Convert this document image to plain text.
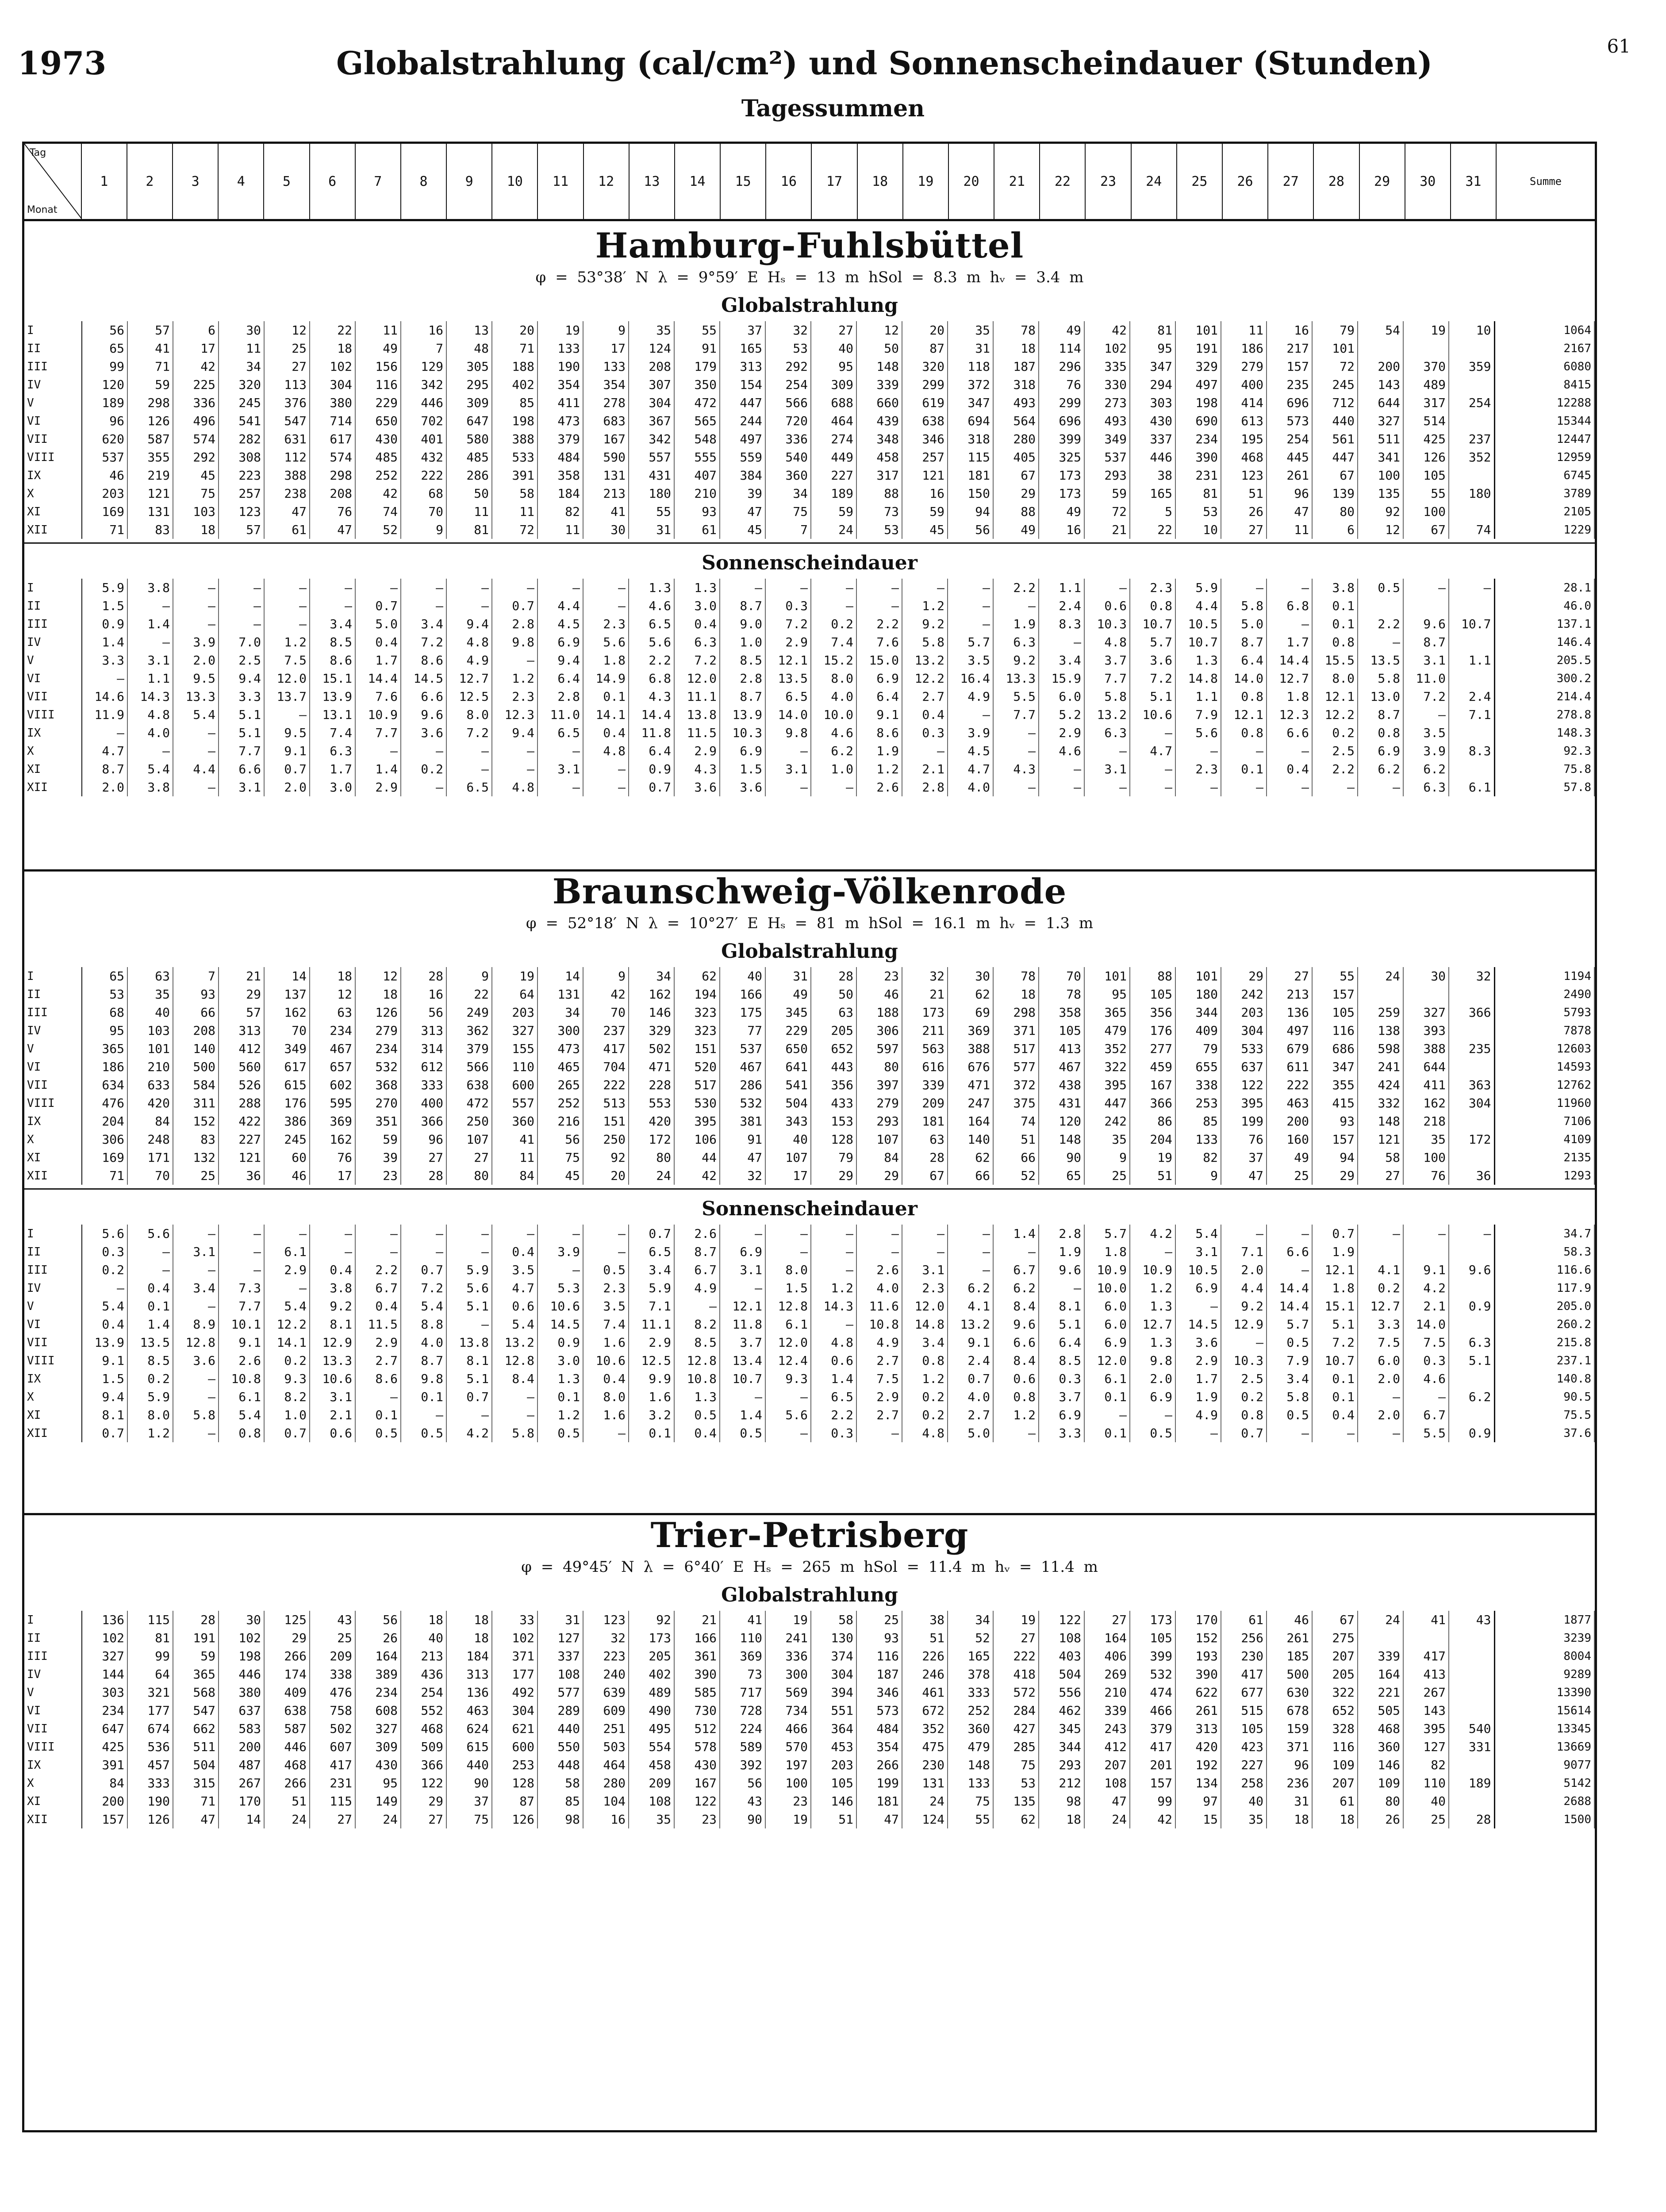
1973	Globalstrahlung (cal/cm²) und Sonnenscheindauer (Stunden)	61
Tagessummen
Tag
Monat
1	2	3	4	5	6	7	8	9	10	11	12	13	14	15	16	17	18	19	20	21	22	23	24	25	26	27	28	29	30	31	Summe
Hamburg-Fuhlsbüttel
φ = 53°38′ N λ = 9°59′ E Hₛ = 13 m hSol = 8.3 m hᵥ = 3.4 m
Globalstrahlung
I	56	57	6	30	12	22	11	16	13	20	19	9	35	55	37	32	27	12	20	35	78	49	42	81	101	11	16	79	54	19	10	1064
II	65	41	17	11	25	18	49	7	48	71	133	17	124	91	165	53	40	50	87	31	18	114	102	95	191	186	217	101				2167
III	99	71	42	34	27	102	156	129	305	188	190	133	208	179	313	292	95	148	320	118	187	296	335	347	329	279	157	72	200	370	359	6080
IV	120	59	225	320	113	304	116	342	295	402	354	354	307	350	154	254	309	339	299	372	318	76	330	294	497	400	235	245	143	489		8415
V	189	298	336	245	376	380	229	446	309	85	411	278	304	472	447	566	688	660	619	347	493	299	273	303	198	414	696	712	644	317	254	12288
VI	96	126	496	541	547	714	650	702	647	198	473	683	367	565	244	720	464	439	638	694	564	696	493	430	690	613	573	440	327	514		15344
VII	620	587	574	282	631	617	430	401	580	388	379	167	342	548	497	336	274	348	346	318	280	399	349	337	234	195	254	561	511	425	237	12447
VIII	537	355	292	308	112	574	485	432	485	533	484	590	557	555	559	540	449	458	257	115	405	325	537	446	390	468	445	447	341	126	352	12959
IX	46	219	45	223	388	298	252	222	286	391	358	131	431	407	384	360	227	317	121	181	67	173	293	38	231	123	261	67	100	105		6745
X	203	121	75	257	238	208	42	68	50	58	184	213	180	210	39	34	189	88	16	150	29	173	59	165	81	51	96	139	135	55	180	3789
XI	169	131	103	123	47	76	74	70	11	11	82	41	55	93	47	75	59	73	59	94	88	49	72	5	53	26	47	80	92	100		2105
XII	71	83	18	57	61	47	52	9	81	72	11	30	31	61	45	7	24	53	45	56	49	16	21	22	10	27	11	6	12	67	74	1229
Sonnenscheindauer
I	5.9	3.8	–	–	–	–	–	–	–	–	–	–	1.3	1.3	–	–	–	–	–	–	2.2	1.1	–	2.3	5.9	–	–	3.8	0.5	–	–	28.1
II	1.5	–	–	–	–	–	0.7	–	–	0.7	4.4	–	4.6	3.0	8.7	0.3	–	–	1.2	–	–	2.4	0.6	0.8	4.4	5.8	6.8	0.1				46.0
III	0.9	1.4	–	–	–	3.4	5.0	3.4	9.4	2.8	4.5	2.3	6.5	0.4	9.0	7.2	0.2	2.2	9.2	–	1.9	8.3	10.3	10.7	10.5	5.0	–	0.1	2.2	9.6	10.7	137.1
IV	1.4	–	3.9	7.0	1.2	8.5	0.4	7.2	4.8	9.8	6.9	5.6	5.6	6.3	1.0	2.9	7.4	7.6	5.8	5.7	6.3	–	4.8	5.7	10.7	8.7	1.7	0.8	–	8.7		146.4
V	3.3	3.1	2.0	2.5	7.5	8.6	1.7	8.6	4.9	–	9.4	1.8	2.2	7.2	8.5	12.1	15.2	15.0	13.2	3.5	9.2	3.4	3.7	3.6	1.3	6.4	14.4	15.5	13.5	3.1	1.1	205.5
VI	–	1.1	9.5	9.4	12.0	15.1	14.4	14.5	12.7	1.2	6.4	14.9	6.8	12.0	2.8	13.5	8.0	6.9	12.2	16.4	13.3	15.9	7.7	7.2	14.8	14.0	12.7	8.0	5.8	11.0		300.2
VII	14.6	14.3	13.3	3.3	13.7	13.9	7.6	6.6	12.5	2.3	2.8	0.1	4.3	11.1	8.7	6.5	4.0	6.4	2.7	4.9	5.5	6.0	5.8	5.1	1.1	0.8	1.8	12.1	13.0	7.2	2.4	214.4
VIII	11.9	4.8	5.4	5.1	–	13.1	10.9	9.6	8.0	12.3	11.0	14.1	14.4	13.8	13.9	14.0	10.0	9.1	0.4	–	7.7	5.2	13.2	10.6	7.9	12.1	12.3	12.2	8.7	–	7.1	278.8
IX	–	4.0	–	5.1	9.5	7.4	7.7	3.6	7.2	9.4	6.5	0.4	11.8	11.5	10.3	9.8	4.6	8.6	0.3	3.9	–	2.9	6.3	–	5.6	0.8	6.6	0.2	0.8	3.5		148.3
X	4.7	–	–	7.7	9.1	6.3	–	–	–	–	–	4.8	6.4	2.9	6.9	–	6.2	1.9	–	4.5	–	4.6	–	4.7	–	–	–	2.5	6.9	3.9	8.3	92.3
XI	8.7	5.4	4.4	6.6	0.7	1.7	1.4	0.2	–	–	3.1	–	0.9	4.3	1.5	3.1	1.0	1.2	2.1	4.7	4.3	–	3.1	–	2.3	0.1	0.4	2.2	6.2	6.2		75.8
XII	2.0	3.8	–	3.1	2.0	3.0	2.9	–	6.5	4.8	–	–	0.7	3.6	3.6	–	–	2.6	2.8	4.0	–	–	–	–	–	–	–	–	–	6.3	6.1	57.8
Braunschweig-Völkenrode
φ = 52°18′ N λ = 10°27′ E Hₛ = 81 m hSol = 16.1 m hᵥ = 1.3 m
Globalstrahlung
I	65	63	7	21	14	18	12	28	9	19	14	9	34	62	40	31	28	23	32	30	78	70	101	88	101	29	27	55	24	30	32	1194
II	53	35	93	29	137	12	18	16	22	64	131	42	162	194	166	49	50	46	21	62	18	78	95	105	180	242	213	157				2490
III	68	40	66	57	162	63	126	56	249	203	34	70	146	323	175	345	63	188	173	69	298	358	365	356	344	203	136	105	259	327	366	5793
IV	95	103	208	313	70	234	279	313	362	327	300	237	329	323	77	229	205	306	211	369	371	105	479	176	409	304	497	116	138	393		7878
V	365	101	140	412	349	467	234	314	379	155	473	417	502	151	537	650	652	597	563	388	517	413	352	277	79	533	679	686	598	388	235	12603
VI	186	210	500	560	617	657	532	612	566	110	465	704	471	520	467	641	443	80	616	676	577	467	322	459	655	637	611	347	241	644		14593
VII	634	633	584	526	615	602	368	333	638	600	265	222	228	517	286	541	356	397	339	471	372	438	395	167	338	122	222	355	424	411	363	12762
VIII	476	420	311	288	176	595	270	400	472	557	252	513	553	530	532	504	433	279	209	247	375	431	447	366	253	395	463	415	332	162	304	11960
IX	204	84	152	422	386	369	351	366	250	360	216	151	420	395	381	343	153	293	181	164	74	120	242	86	85	199	200	93	148	218		7106
X	306	248	83	227	245	162	59	96	107	41	56	250	172	106	91	40	128	107	63	140	51	148	35	204	133	76	160	157	121	35	172	4109
XI	169	171	132	121	60	76	39	27	27	11	75	92	80	44	47	107	79	84	28	62	66	90	9	19	82	37	49	94	58	100		2135
XII	71	70	25	36	46	17	23	28	80	84	45	20	24	42	32	17	29	29	67	66	52	65	25	51	9	47	25	29	27	76	36	1293
Sonnenscheindauer
I	5.6	5.6	–	–	–	–	–	–	–	–	–	–	0.7	2.6	–	–	–	–	–	–	1.4	2.8	5.7	4.2	5.4	–	–	0.7	–	–	–	34.7
II	0.3	–	3.1	–	6.1	–	–	–	–	0.4	3.9	–	6.5	8.7	6.9	–	–	–	–	–	–	1.9	1.8	–	3.1	7.1	6.6	1.9				58.3
III	0.2	–	–	–	2.9	0.4	2.2	0.7	5.9	3.5	–	0.5	3.4	6.7	3.1	8.0	–	2.6	3.1	–	6.7	9.6	10.9	10.9	10.5	2.0	–	12.1	4.1	9.1	9.6	116.6
IV	–	0.4	3.4	7.3	–	3.8	6.7	7.2	5.6	4.7	5.3	2.3	5.9	4.9	–	1.5	1.2	4.0	2.3	6.2	6.2	–	10.0	1.2	6.9	4.4	14.4	1.8	0.2	4.2		117.9
V	5.4	0.1	–	7.7	5.4	9.2	0.4	5.4	5.1	0.6	10.6	3.5	7.1	–	12.1	12.8	14.3	11.6	12.0	4.1	8.4	8.1	6.0	1.3	–	9.2	14.4	15.1	12.7	2.1	0.9	205.0
VI	0.4	1.4	8.9	10.1	12.2	8.1	11.5	8.8	–	5.4	14.5	7.4	11.1	8.2	11.8	6.1	–	10.8	14.8	13.2	9.6	5.1	6.0	12.7	14.5	12.9	5.7	5.1	3.3	14.0		260.2
VII	13.9	13.5	12.8	9.1	14.1	12.9	2.9	4.0	13.8	13.2	0.9	1.6	2.9	8.5	3.7	12.0	4.8	4.9	3.4	9.1	6.6	6.4	6.9	1.3	3.6	–	0.5	7.2	7.5	7.5	6.3	215.8
VIII	9.1	8.5	3.6	2.6	0.2	13.3	2.7	8.7	8.1	12.8	3.0	10.6	12.5	12.8	13.4	12.4	0.6	2.7	0.8	2.4	8.4	8.5	12.0	9.8	2.9	10.3	7.9	10.7	6.0	0.3	5.1	237.1
IX	1.5	0.2	–	10.8	9.3	10.6	8.6	9.8	5.1	8.4	1.3	0.4	9.9	10.8	10.7	9.3	1.4	7.5	1.2	0.7	0.6	0.3	6.1	2.0	1.7	2.5	3.4	0.1	2.0	4.6		140.8
X	9.4	5.9	–	6.1	8.2	3.1	–	0.1	0.7	–	0.1	8.0	1.6	1.3	–	–	6.5	2.9	0.2	4.0	0.8	3.7	0.1	6.9	1.9	0.2	5.8	0.1	–	–	6.2	90.5
XI	8.1	8.0	5.8	5.4	1.0	2.1	0.1	–	–	–	1.2	1.6	3.2	0.5	1.4	5.6	2.2	2.7	0.2	2.7	1.2	6.9	–	–	4.9	0.8	0.5	0.4	2.0	6.7		75.5
XII	0.7	1.2	–	0.8	0.7	0.6	0.5	0.5	4.2	5.8	0.5	–	0.1	0.4	0.5	–	0.3	–	4.8	5.0	–	3.3	0.1	0.5	–	0.7	–	–	–	5.5	0.9	37.6
Trier-Petrisberg
φ = 49°45′ N λ = 6°40′ E Hₛ = 265 m hSol = 11.4 m hᵥ = 11.4 m
Globalstrahlung
I	136	115	28	30	125	43	56	18	18	33	31	123	92	21	41	19	58	25	38	34	19	122	27	173	170	61	46	67	24	41	43	1877
II	102	81	191	102	29	25	26	40	18	102	127	32	173	166	110	241	130	93	51	52	27	108	164	105	152	256	261	275				3239
III	327	99	59	198	266	209	164	213	184	371	337	223	205	361	369	336	374	116	226	165	222	403	406	399	193	230	185	207	339	417		8004
IV	144	64	365	446	174	338	389	436	313	177	108	240	402	390	73	300	304	187	246	378	418	504	269	532	390	417	500	205	164	413		9289
V	303	321	568	380	409	476	234	254	136	492	577	639	489	585	717	569	394	346	461	333	572	556	210	474	622	677	630	322	221	267		13390
VI	234	177	547	637	638	758	608	552	463	304	289	609	490	730	728	734	551	573	672	252	284	462	339	466	261	515	678	652	505	143		15614
VII	647	674	662	583	587	502	327	468	624	621	440	251	495	512	224	466	364	484	352	360	427	345	243	379	313	105	159	328	468	395	540	13345
VIII	425	536	511	200	446	607	309	509	615	600	550	503	554	578	589	570	453	354	475	479	285	344	412	417	420	423	371	116	360	127	331	13669
IX	391	457	504	487	468	417	430	366	440	253	448	464	458	430	392	197	203	266	230	148	75	293	207	201	192	227	96	109	146	82		9077
X	84	333	315	267	266	231	95	122	90	128	58	280	209	167	56	100	105	199	131	133	53	212	108	157	134	258	236	207	109	110	189	5142
XI	200	190	71	170	51	115	149	29	37	87	85	104	108	122	43	23	146	181	24	75	135	98	47	99	97	40	31	61	80	40		2688
XII	157	126	47	14	24	27	24	27	75	126	98	16	35	23	90	19	51	47	124	55	62	18	24	42	15	35	18	18	26	25	28	1500
